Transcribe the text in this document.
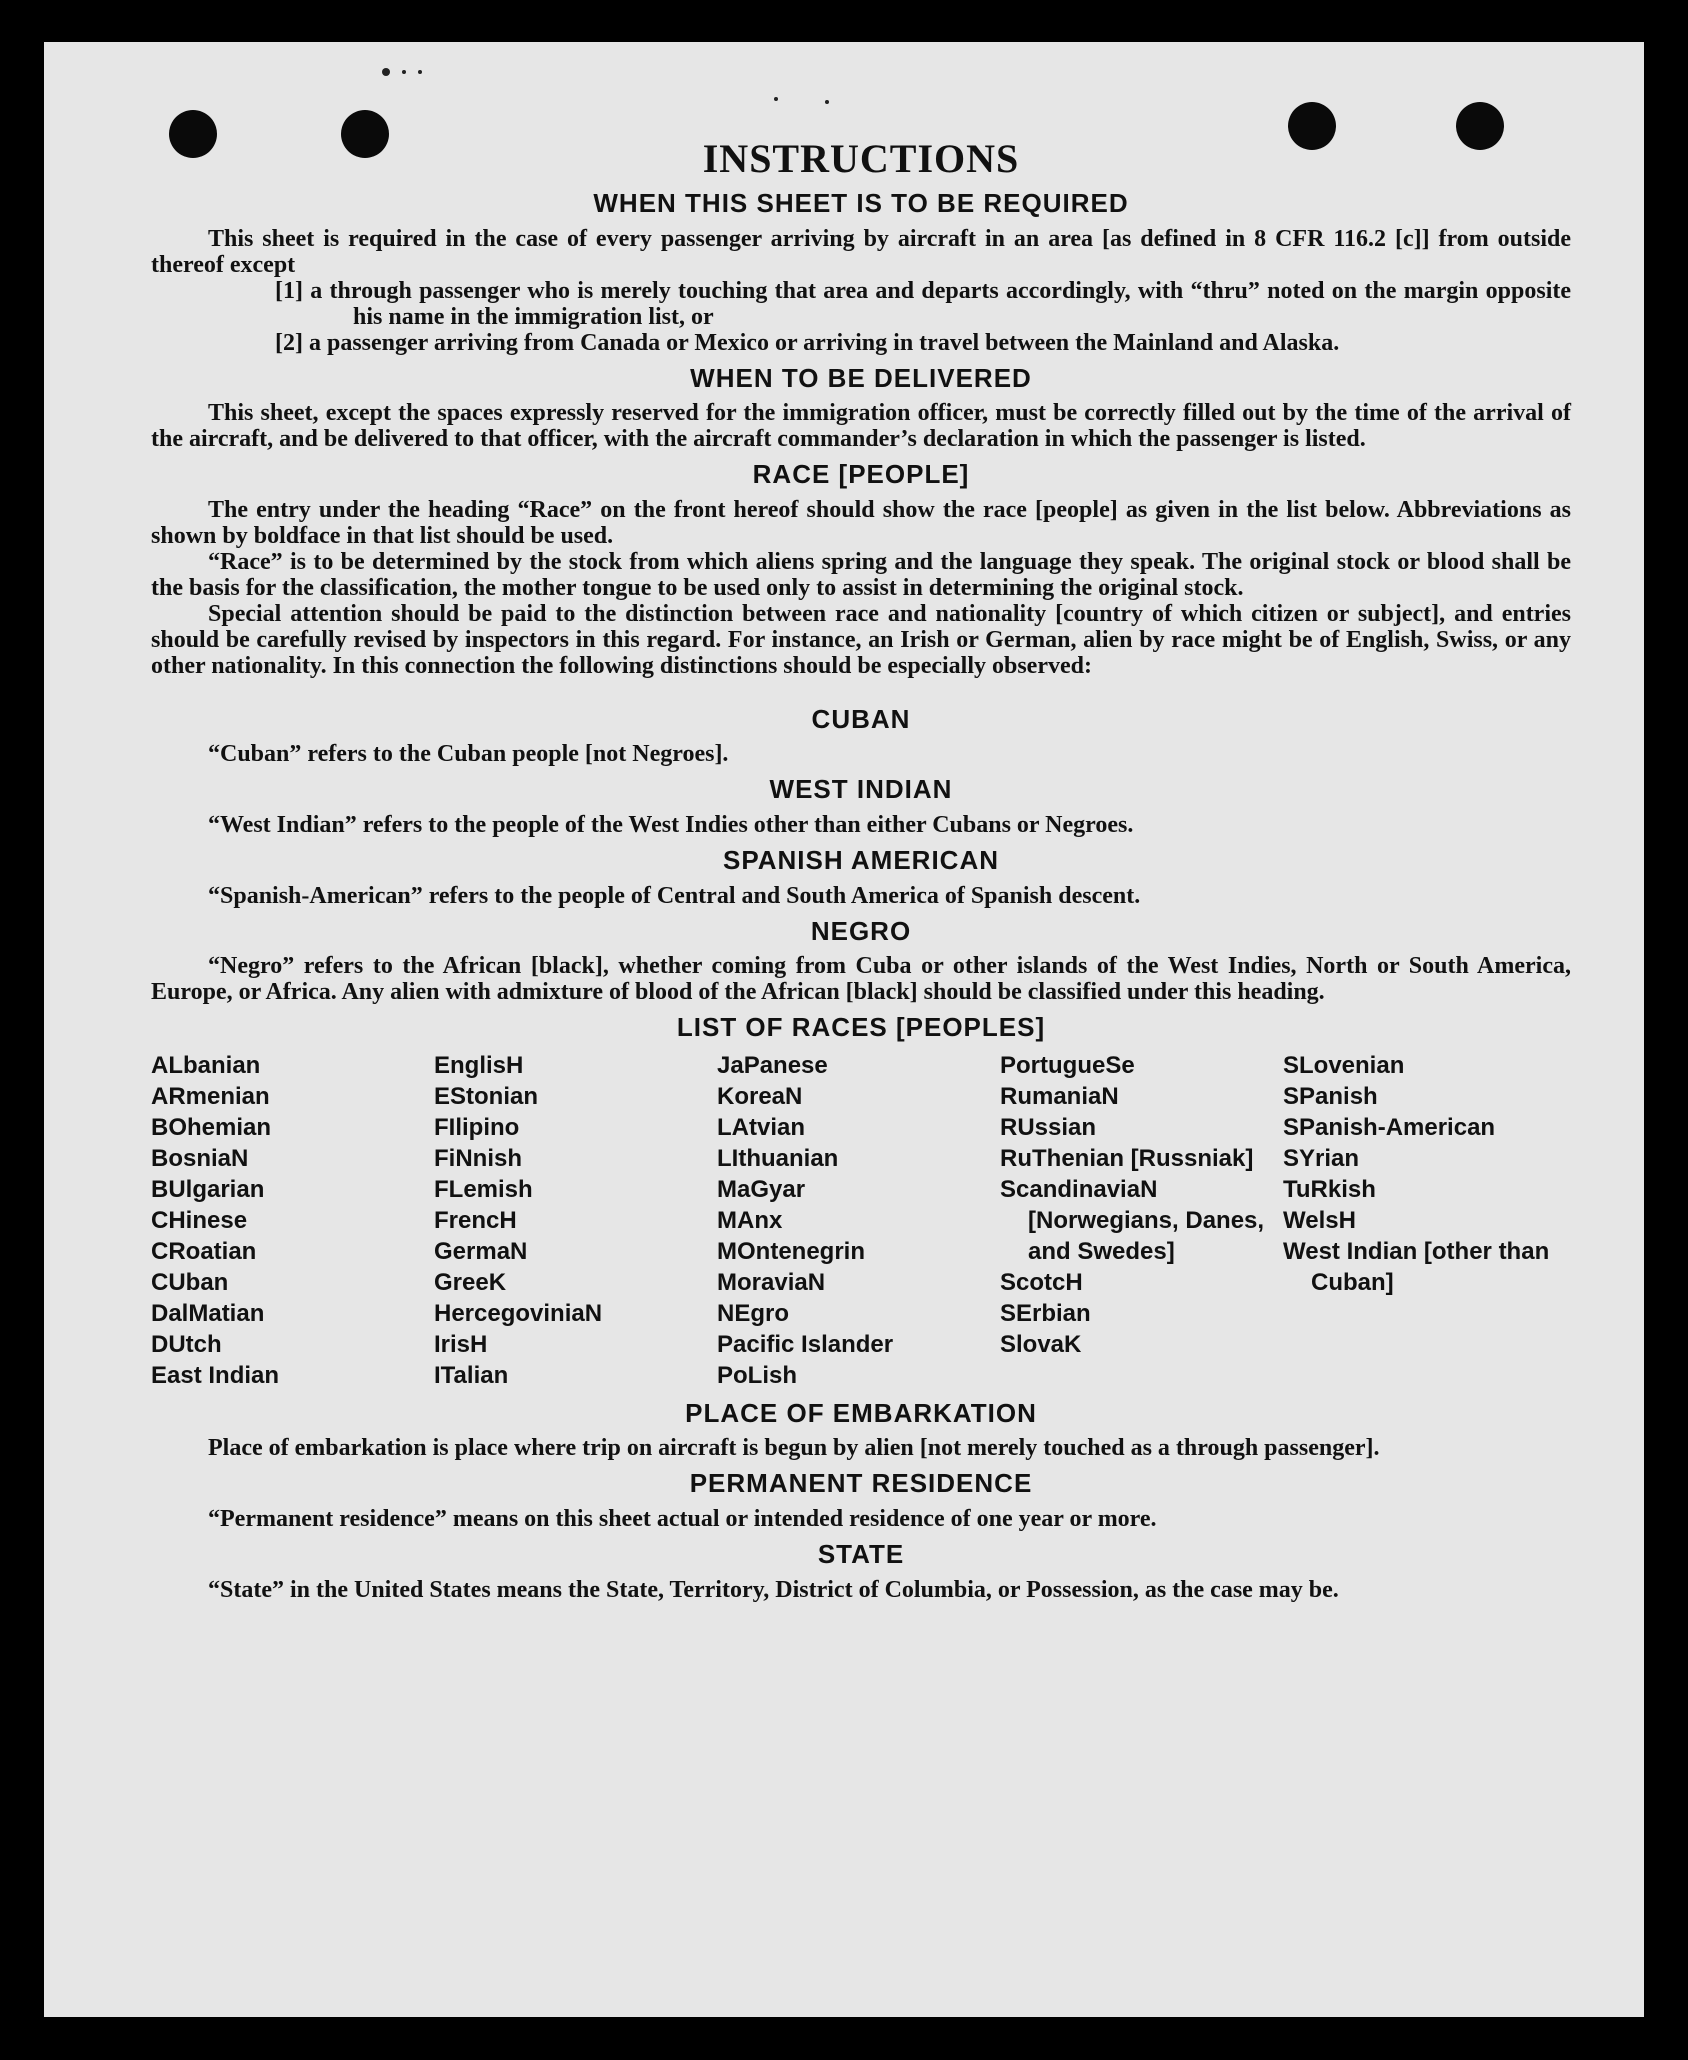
INSTRUCTIONS
WHEN THIS SHEET IS TO BE REQUIRED

This sheet is required in the case of every passenger arriving by aircraft in an area [as defined in 8 CFR 116.2 [c]] from outside thereof except

[1] a through passenger who is merely touching that area and departs accordingly, with “thru” noted on the margin opposite his name in the immigration list, or

[2] a passenger arriving from Canada or Mexico or arriving in travel between the Mainland and Alaska.

WHEN TO BE DELIVERED

This sheet, except the spaces expressly reserved for the immigration officer, must be correctly filled out by the time of the arrival of the aircraft, and be delivered to that officer, with the aircraft commander’s declaration in which the passenger is listed.

RACE [PEOPLE]

The entry under the heading “Race” on the front hereof should show the race [people] as given in the list below. Abbreviations as shown by boldface in that list should be used.

“Race” is to be determined by the stock from which aliens spring and the language they speak. The original stock or blood shall be the basis for the classification, the mother tongue to be used only to assist in determining the original stock.

Special attention should be paid to the distinction between race and nationality [country of which citizen or subject], and entries should be carefully revised by inspectors in this regard. For instance, an Irish or German, alien by race might be of English, Swiss, or any other nationality. In this connection the following distinctions should be especially observed:

CUBAN

“Cuban” refers to the Cuban people [not Negroes].

WEST INDIAN

“West Indian” refers to the people of the West Indies other than either Cubans or Negroes.

SPANISH AMERICAN

“Spanish-American” refers to the people of Central and South America of Spanish descent.

NEGRO

“Negro” refers to the African [black], whether coming from Cuba or other islands of the West Indies, North or South America, Europe, or Africa. Any alien with admixture of blood of the African [black] should be classified under this heading.

LIST OF RACES [PEOPLES]
ALbanian
ARmenian
BOhemian
BosniaN
BUlgarian
CHinese
CRoatian
CUban
DalMatian
DUtch
East Indian
EnglisH
EStonian
FIlipino
FiNnish
FLemish
FrencH
GermaN
GreeK
HercegoviniaN
IrisH
ITalian
JaPanese
KoreaN
LAtvian
LIthuanian
MaGyar
MAnx
MOntenegrin
MoraviaN
NEgro
Pacific Islander
PoLish
PortugueSe
RumaniaN
RUssian
RuThenian [Russniak]
ScandinaviaN [Norwegians, Danes, and Swedes]
ScotcH
SErbian
SlovaK
SLovenian
SPanish
SPanish-American
SYrian
TuRkish
WelsH
West Indian [other than Cuban]
PLACE OF EMBARKATION

Place of embarkation is place where trip on aircraft is begun by alien [not merely touched as a through passenger].

PERMANENT RESIDENCE

“Permanent residence” means on this sheet actual or intended residence of one year or more.

STATE

“State” in the United States means the State, Territory, District of Columbia, or Possession, as the case may be.
